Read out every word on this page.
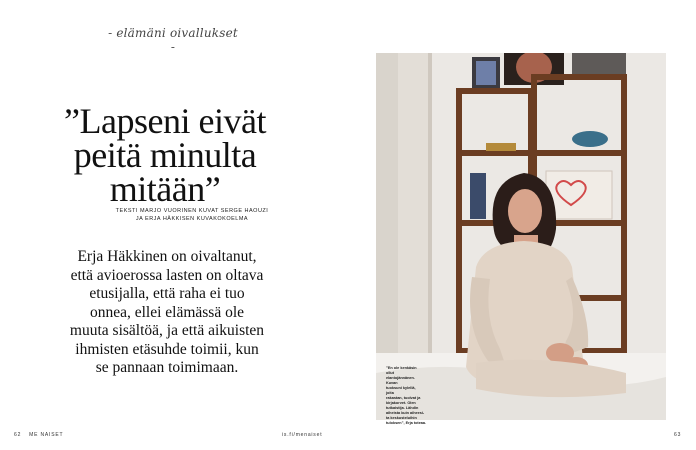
- elämäni oivallukset -
”Lapseni eivät
peitä minulta
mitään”
TEKSTI MARJO VUORINEN KUVAT SERGE HAOUZI
JA ERJA HÄKKISEN KUVAKOKOELMA

Erja Häkkinen on oivaltanut,
että avioerossa lasten on oltava
etusijalla, että raha ei tuo
onnea, ellei elämässä ole
muuta sisältöä, ja että aikuisten
ihmisten etäsuhde toimii, kun
se pannaan toimimaan.	”En ole kenkäsin
ollut
elantojännänen.
Kuvan
tuoksuni kylellä,
joita
rakastan, tuolvat ja
kirjakorvet. Olen
tutkaistija. Lähdin
aiheista kuin aiheesi-
ta keskusteluihin
tuloksen”, Erja toteaa.
62 ME NAISET	is.fi/menaiset	63
